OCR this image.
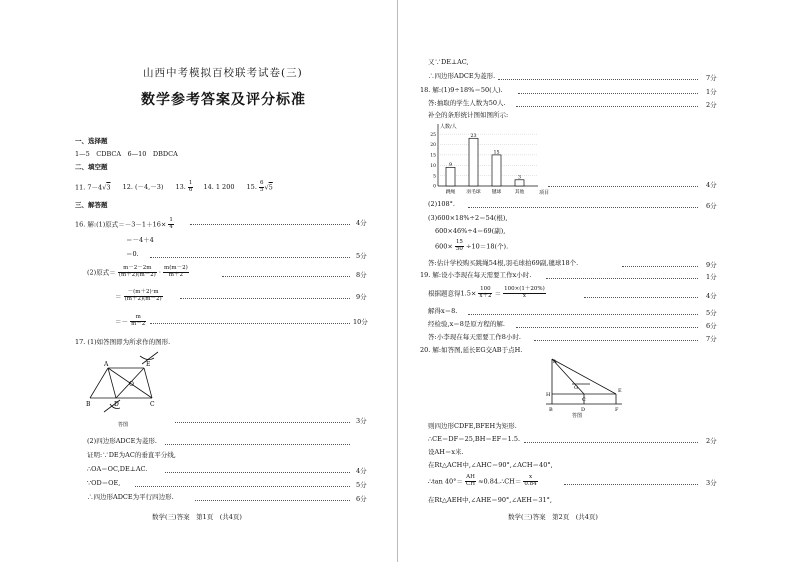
山西中考模拟百校联考试卷(三)
数学参考答案及评分标准
一、选择题
1—5　CDBCA　6—10　DBDCA
二、填空题
11. 7－4√3 12. (－4,－3) 13. $\frac{1}{6} 14$. 1 200 15. $\frac{6}{5} √5$
三、解答题
16. 解:(1)原式$=-3-1+16\times \frac{1}{4}$	4分
＝－4＋4
＝0.	5分
(2)原式＝ $\frac{m-2-2m}{(m+2)(m-2)} \cdot \frac{m(m-2)}{m+2}$	8分
＝ $\frac{-(m+2)\cdot m}{(m+2)(m-2)}$	9分
＝－ $\frac{m}{m-2}$	10分
17. (1)如答图即为所求作的图形.
A	E
O
B	D	C
答图	3分
(2)四边形ADCE为菱形.
证明:∵DE为AC的垂直平分线,
∴OA＝OC,DE⊥AC.	4分
∵OD＝OE,	5分
∴四边形ADCE为平行四边形.	6分
数学(三)答案　第1页　(共4页)
又∵DE⊥AC,
∴四边形ADCE为菱形.	7分
18. 解:(1)9÷18%＝50(人).	1分
答:抽取的学生人数为50人.	2分
补全的条形统计图如图所示:
人数/人
项目
0
5
10
15
20
25
9
跳绳
23
羽毛球
15
毽球
3
其他
4分
(2)108°.	6分
(3)600×18%÷2＝54(根),
600×46%÷4＝69(副),
$600\times \frac{15}{50} \div 10=18$(个).
答:估计学校购买跳绳54根,羽毛球拍69副,毽球18个.	9分
19. 解:设小李现在每天需要工作x小时.	1分
根据题意得$1.5\times \frac{100}{x+2} = \frac{100\times(1+20\%)}{x}$	4分
解得x＝8.	5分
经检验,x＝8是原方程的解.	6分
答:小李现在每天需要工作8小时.	7分
20. 解:如答图,延长EG交AB于点H.
A
H
B
G	E
C
D	F
答图
则四边形CDFE,BFEH为矩形.
∴CE＝DF＝25,BH＝EF＝1.5.	2分
设AH＝x米.
在Rt△ACH中,∠AHC＝90°,∠ACH＝40°,
∴tan $40^\circ= \frac{AH}{CH}$ ≈0.84.∴CH＝ $\frac{x}{0.84}$	3分
在Rt△AEH中,∠AHE＝90°,∠AEH＝31°,
数学(三)答案　第2页　(共4页)
